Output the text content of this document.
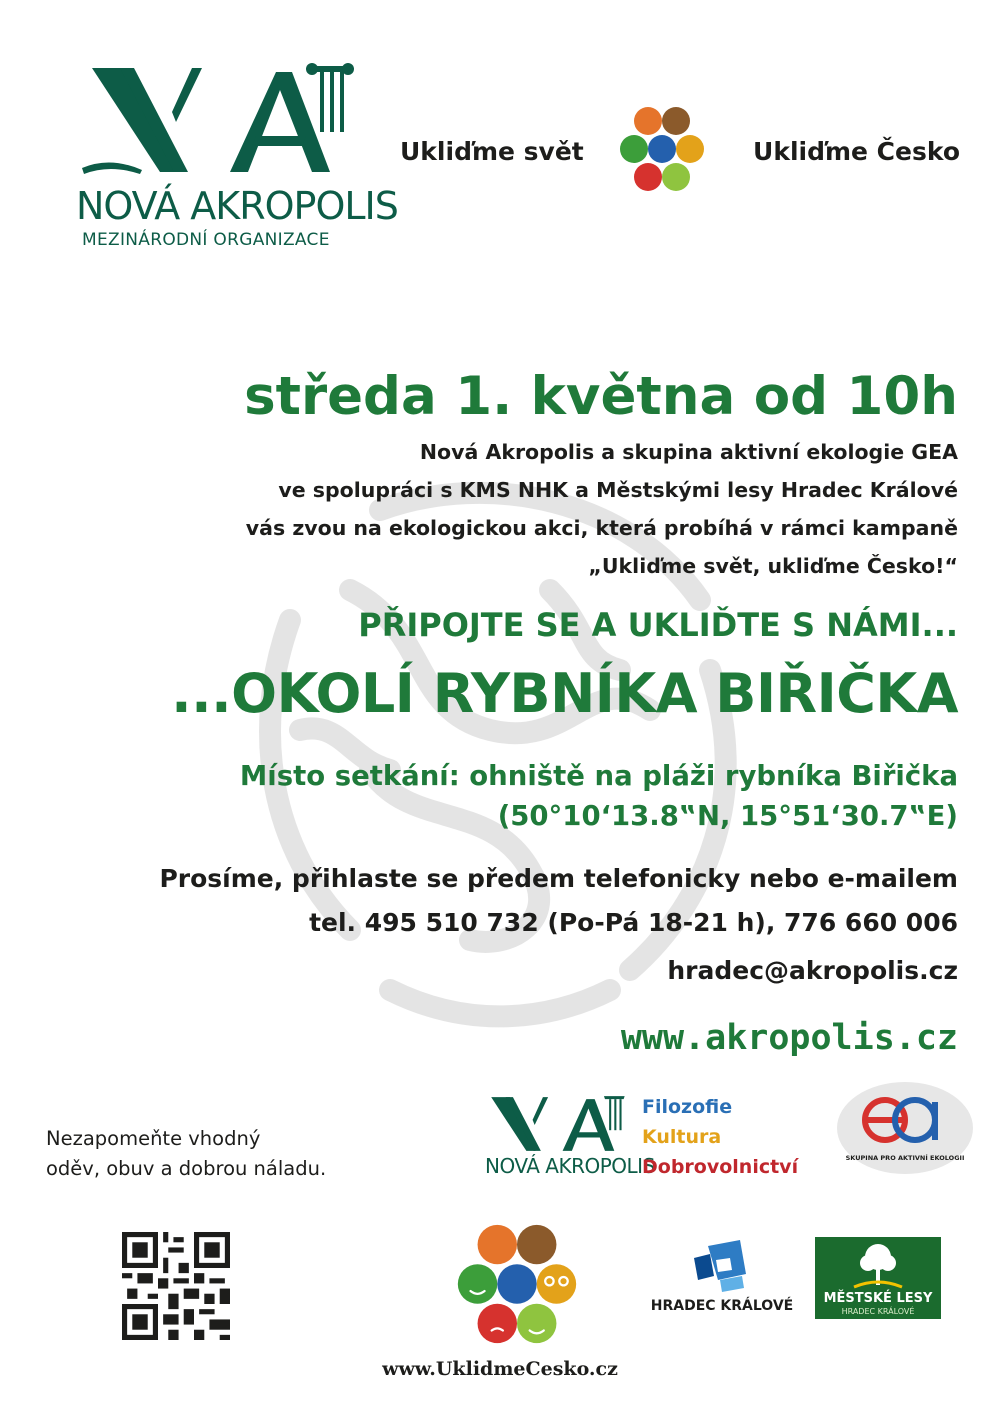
NOVÁ AKROPOLIS
MEZINÁRODNÍ ORGANIZACE
Ukliďme svět	Ukliďme Česko
středa 1. května od 10h
Nová Akropolis a skupina aktivní ekologie GEA
ve spolupráci s KMS NHK a Městskými lesy Hradec Králové
vás zvou na ekologickou akci, která probíhá v rámci kampaně
„Ukliďme svět, ukliďme Česko!“
PŘIPOJTE SE A UKLIĎTE S NÁMI...
...OKOLÍ RYBNÍKA BIŘIČKA
Místo setkání: ohniště na pláži rybníka Biřička
(50°10‘13.8‟N, 15°51‘30.7‟E)
Prosíme, přihlaste se předem telefonicky nebo e-mailem
tel. 495 510 732 (Po-Pá 18-21 h), 776 660 006
hradec@akropolis.cz
www.akropolis.cz
Nezapomeňte vhodný
oděv, obuv a dobrou náladu.	NOVÁ AKROPOLIS
Filozofie
Kultura
Dobrovolnictví	SKUPINA PRO AKTIVNÍ EKOLOGII
HRADEC KRÁLOVÉ	MĚSTSKÉ LESY
HRADEC KRÁLOVÉ
www.UklidmeCesko.cz
